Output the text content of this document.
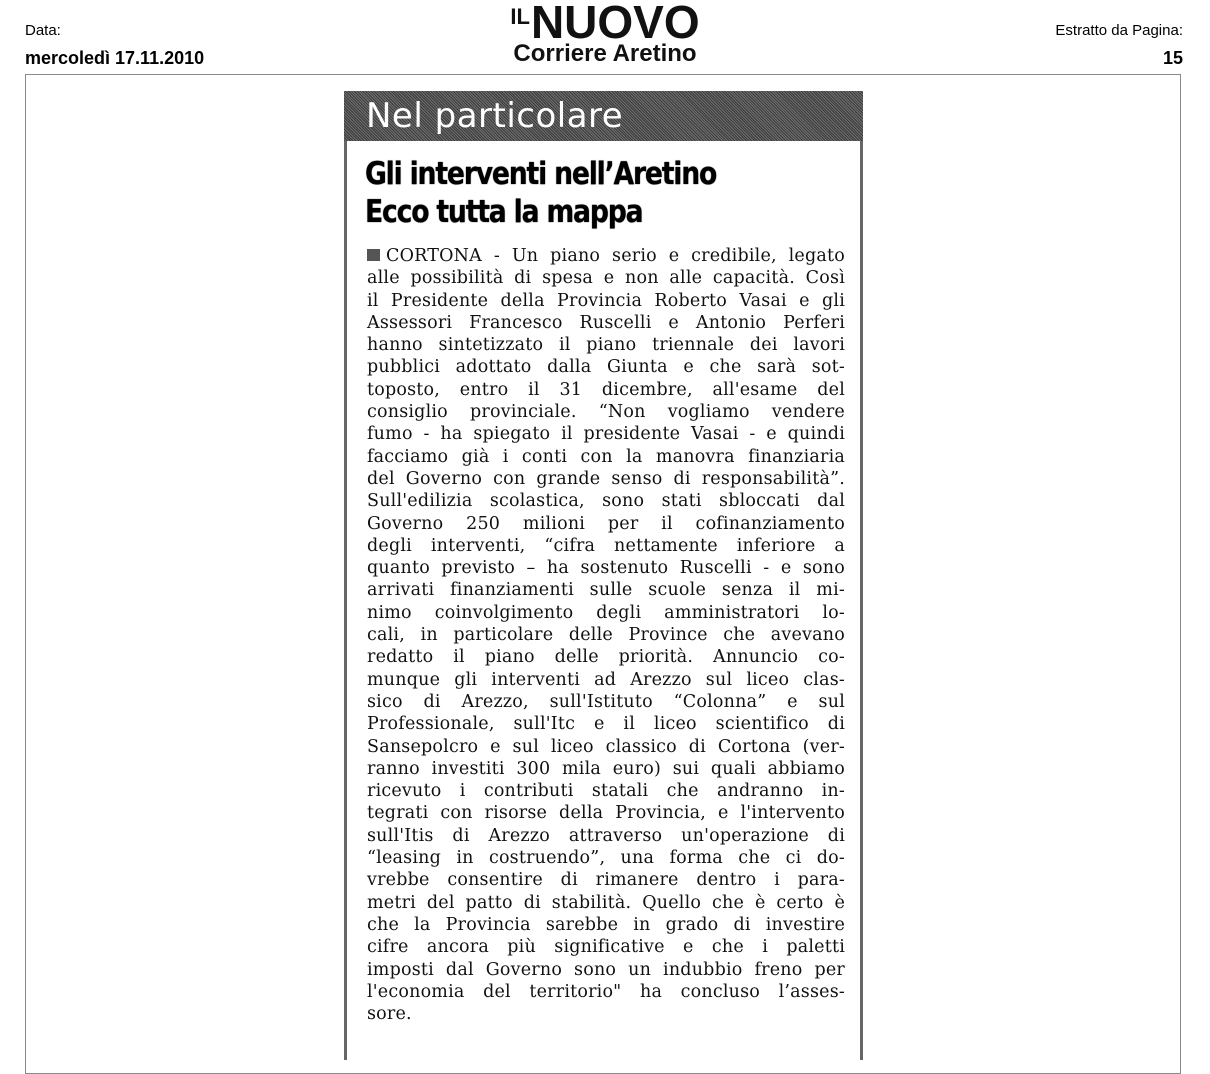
Data:
mercoledì 17.11.2010
IL NUOVO
Corriere Aretino
Estratto da Pagina:
15
Nel particolare
Gli interventi nell’Aretino
Ecco tutta la mappa
CORTONA - Un piano serio e credibile, legato
alle possibilità di spesa e non alle capacità. Così
il Presidente della Provincia Roberto Vasai e gli
Assessori Francesco Ruscelli e Antonio Perferi
hanno sintetizzato il piano triennale dei lavori
pubblici adottato dalla Giunta e che sarà sot-
toposto, entro il 31 dicembre, all'esame del
consiglio provinciale. “Non vogliamo vendere
fumo - ha spiegato il presidente Vasai - e quindi
facciamo già i conti con la manovra finanziaria
del Governo con grande senso di responsabilità”.
Sull'edilizia scolastica, sono stati sbloccati dal
Governo 250 milioni per il cofinanziamento
degli interventi, “cifra nettamente inferiore a
quanto previsto – ha sostenuto Ruscelli - e sono
arrivati finanziamenti sulle scuole senza il mi-
nimo coinvolgimento degli amministratori lo-
cali, in particolare delle Province che avevano
redatto il piano delle priorità. Annuncio co-
munque gli interventi ad Arezzo sul liceo clas-
sico di Arezzo, sull'Istituto “Colonna” e sul
Professionale, sull'Itc e il liceo scientifico di
Sansepolcro e sul liceo classico di Cortona (ver-
ranno investiti 300 mila euro) sui quali abbiamo
ricevuto i contributi statali che andranno in-
tegrati con risorse della Provincia, e l'intervento
sull'Itis di Arezzo attraverso un'operazione di
“leasing in costruendo”, una forma che ci do-
vrebbe consentire di rimanere dentro i para-
metri del patto di stabilità. Quello che è certo è
che la Provincia sarebbe in grado di investire
cifre ancora più significative e che i paletti
imposti dal Governo sono un indubbio freno per
l'economia del territorio" ha concluso l’asses-
sore.
